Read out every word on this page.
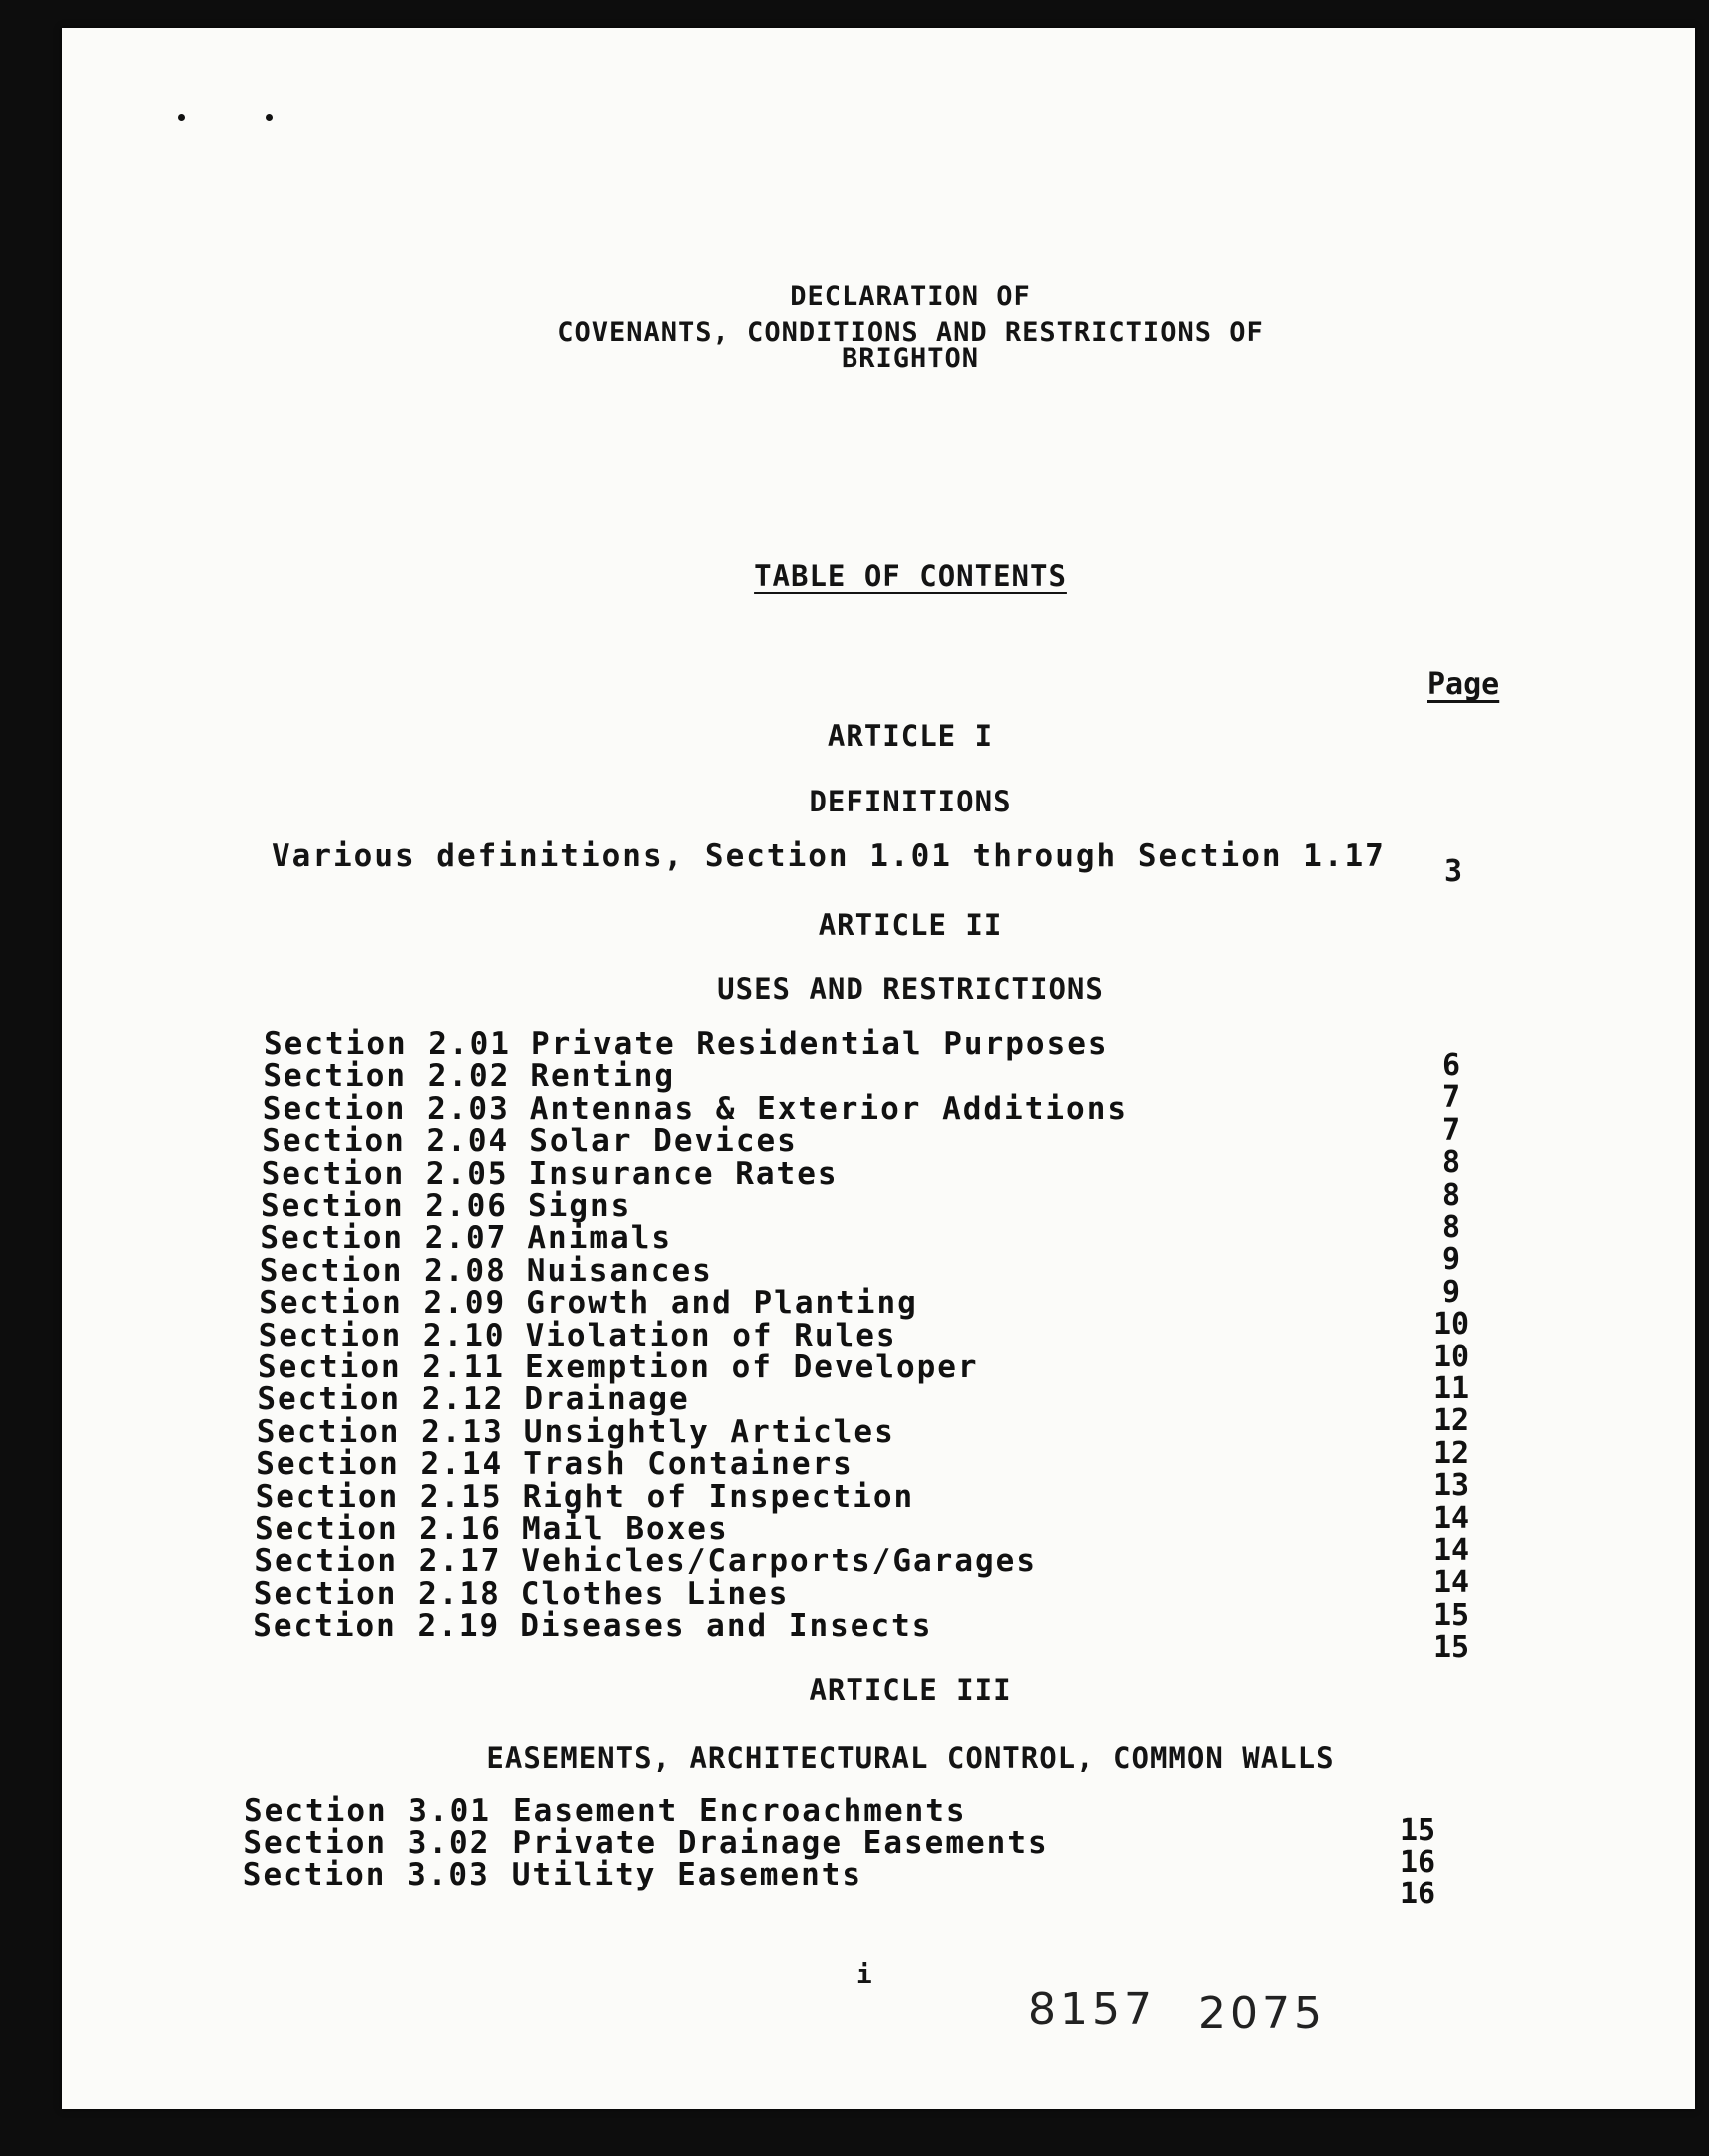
DECLARATION OF
COVENANTS, CONDITIONS AND RESTRICTIONS OF
BRIGHTON
TABLE OF CONTENTS
Page
ARTICLE I
DEFINITIONS
Various definitions, Section 1.01 through Section 1.17	3
ARTICLE II
USES AND RESTRICTIONS
Section 2.01 Private Residential Purposes
6
Section 2.02 Renting
7
Section 2.03 Antennas & Exterior Additions
7
Section 2.04 Solar Devices
8
Section 2.05 Insurance Rates
8
Section 2.06 Signs
8
Section 2.07 Animals
9
Section 2.08 Nuisances
9
Section 2.09 Growth and Planting
10
Section 2.10 Violation of Rules
10
Section 2.11 Exemption of Developer
11
Section 2.12 Drainage
12
Section 2.13 Unsightly Articles
12
Section 2.14 Trash Containers
13
Section 2.15 Right of Inspection
14
Section 2.16 Mail Boxes
14
Section 2.17 Vehicles/Carports/Garages
14
Section 2.18 Clothes Lines
15
Section 2.19 Diseases and Insects
15
ARTICLE III
EASEMENTS, ARCHITECTURAL CONTROL, COMMON WALLS
Section 3.01 Easement Encroachments
15
Section 3.02 Private Drainage Easements
16
Section 3.03 Utility Easements
16
i
8157 2075
